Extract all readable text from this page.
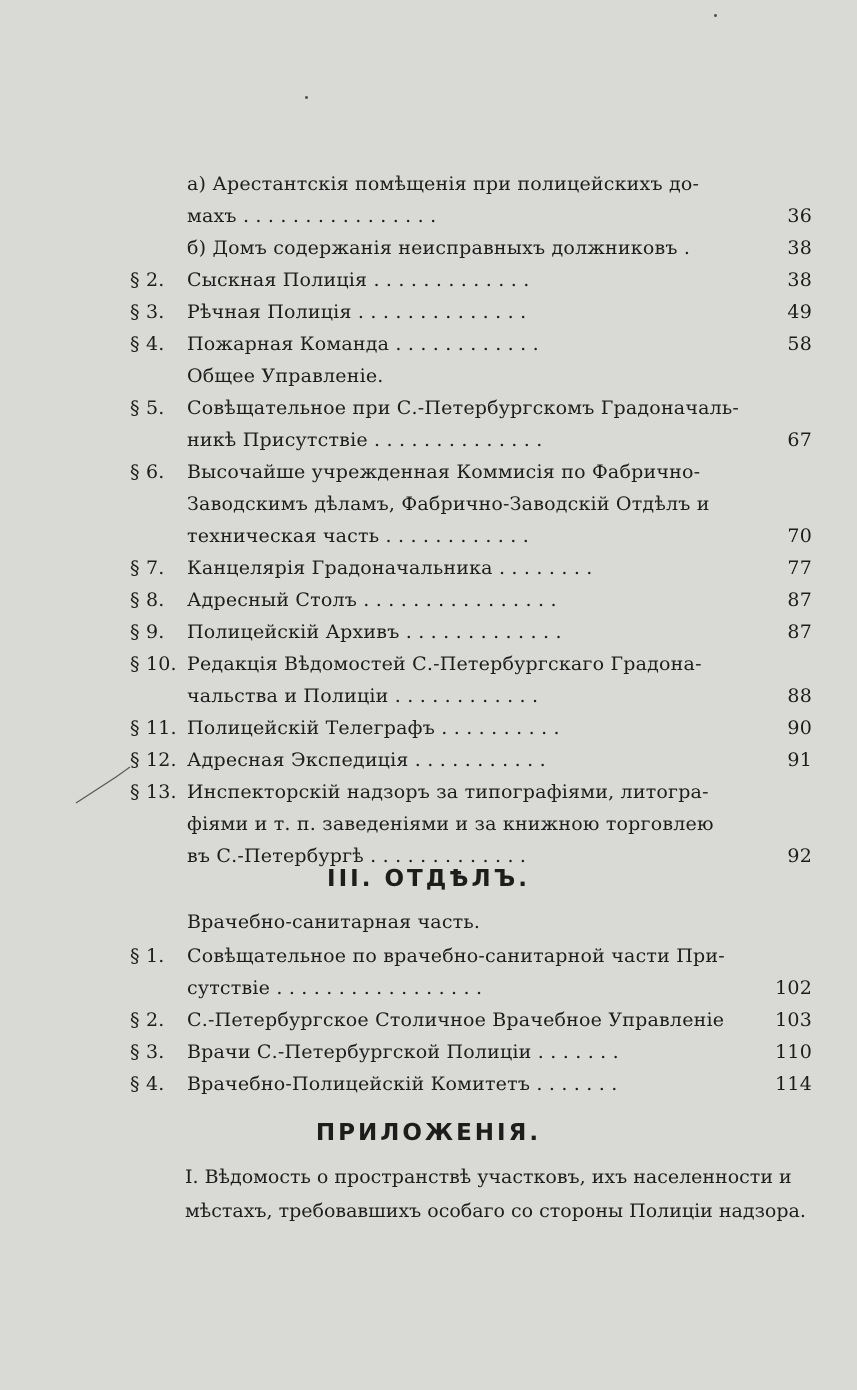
а) Арестантскія помѣщенія при полицейскихъ до-
махъ . . . . . . . . . . . . . . . .	36
б) Домъ содержанія неисправныхъ должниковъ .	38
§ 2. Сыскная Полиція . . . . . . . . . . . . .	38
§ 3. Рѣчная Полиція . . . . . . . . . . . . . .	49
§ 4. Пожарная Команда . . . . . . . . . . . .	58
Общее Управленіе.
§ 5. Совѣщательное при С.-Петербургскомъ Градоначаль-
никѣ Присутствіе . . . . . . . . . . . . . .	67
§ 6. Высочайше учрежденная Коммисія по Фабрично-
Заводскимъ дѣламъ, Фабрично-Заводскій Отдѣлъ и
техническая часть . . . . . . . . . . . .	70
§ 7. Канцелярія Градоначальника . . . . . . . .	77
§ 8. Адресный Столъ . . . . . . . . . . . . . . . .	87
§ 9. Полицейскій Архивъ . . . . . . . . . . . . .	87
§ 10. Редакція Вѣдомостей С.-Петербургскаго Градона-
чальства и Полиціи . . . . . . . . . . . .	88
§ 11. Полицейскій Телеграфъ . . . . . . . . . .	90
§ 12. Адресная Экспедиція . . . . . . . . . . .	91
§ 13. Инспекторскій надзоръ за типографіями, литогра-
фіями и т. п. заведеніями и за книжною торговлею
въ С.-Петербургѣ . . . . . . . . . . . . .	92
III. ОТДѢЛЪ.
Врачебно-санитарная часть.
§ 1. Совѣщательное по врачебно-санитарной части При-
сутствіе . . . . . . . . . . . . . . . . .	102
§ 2. С.-Петербургское Столичное Врачебное Управленіе	103
§ 3. Врачи С.-Петербургской Полиціи . . . . . . .	110
§ 4. Врачебно-Полицейскій Комитетъ . . . . . . .	114
ПРИЛОЖЕНІЯ.
I. Вѣдомость о пространствѣ участковъ, ихъ населенности и мѣстахъ, требовавшихъ особаго со стороны Полиціи надзора.
